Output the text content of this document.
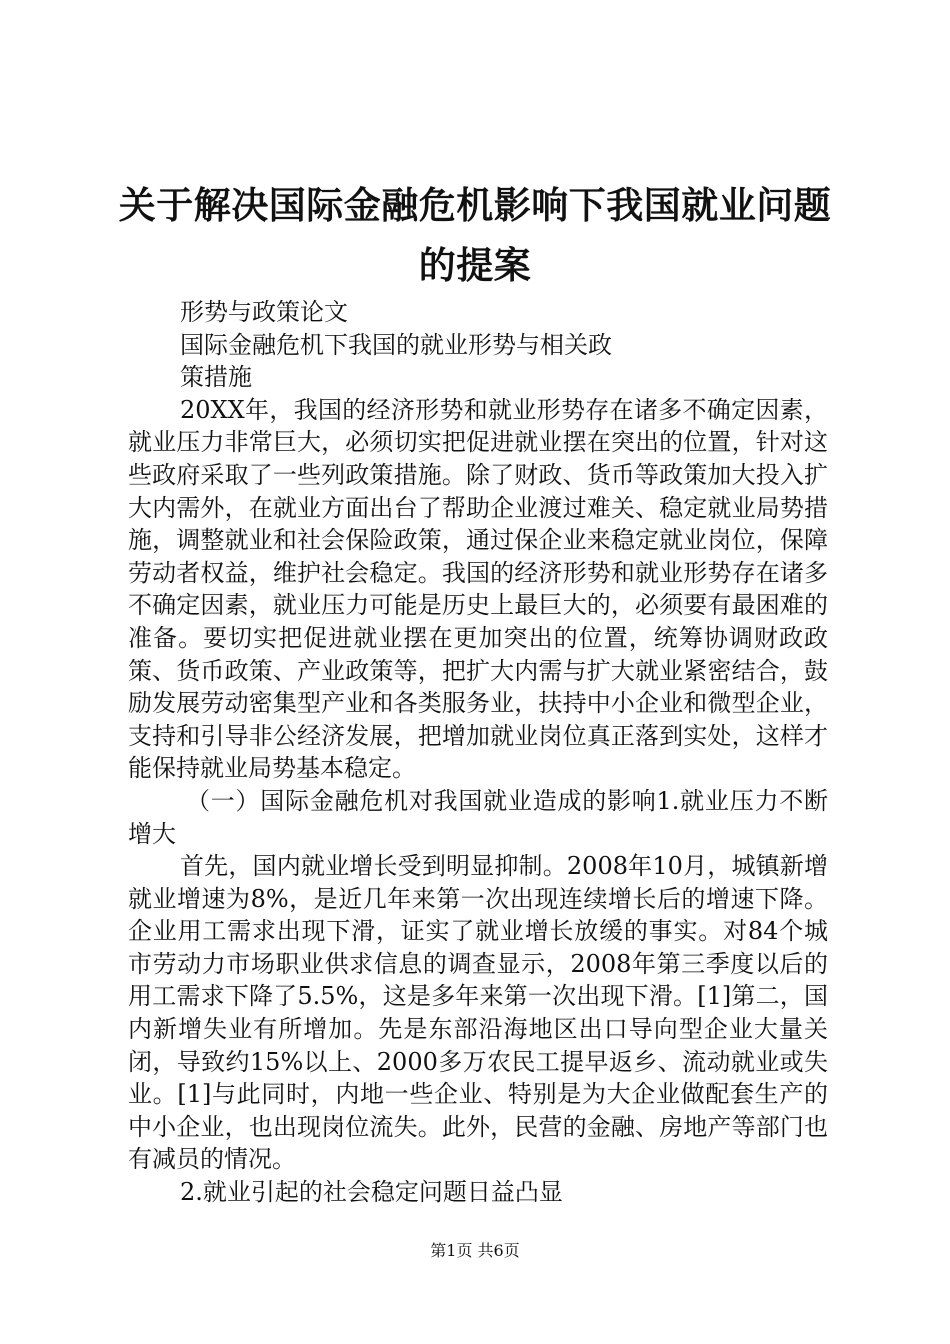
关于解决国际金融危机影响下我国就业问题的提案

形势与政策论文

国际金融危机下我国的就业形势与相关政

策措施

20XX年，我国的经济形势和就业形势存在诸多不确定因素，就业压力非常巨大，必须切实把促进就业摆在突出的位置，针对这些政府采取了一些列政策措施。除了财政、货币等政策加大投入扩大内需外，在就业方面出台了帮助企业渡过难关、稳定就业局势措施，调整就业和社会保险政策，通过保企业来稳定就业岗位，保障劳动者权益，维护社会稳定。我国的经济形势和就业形势存在诸多不确定因素，就业压力可能是历史上最巨大的，必须要有最困难的准备。要切实把促进就业摆在更加突出的位置，统筹协调财政政策、货币政策、产业政策等，把扩大内需与扩大就业紧密结合，鼓励发展劳动密集型产业和各类服务业，扶持中小企业和微型企业，支持和引导非公经济发展，把增加就业岗位真正落到实处，这样才能保持就业局势基本稳定。

（一）国际金融危机对我国就业造成的影响1.就业压力不断增大

首先，国内就业增长受到明显抑制。2008年10月，城镇新增就业增速为8%，是近几年来第一次出现连续增长后的增速下降。企业用工需求出现下滑，证实了就业增长放缓的事实。对84个城市劳动力市场职业供求信息的调查显示，2008年第三季度以后的用工需求下降了5.5%，这是多年来第一次出现下滑。[1]第二，国内新增失业有所增加。先是东部沿海地区出口导向型企业大量关闭，导致约15%以上、2000多万农民工提早返乡、流动就业或失业。[1]与此同时，内地一些企业、特别是为大企业做配套生产的中小企业，也出现岗位流失。此外，民营的金融、房地产等部门也有减员的情况。

2.就业引起的社会稳定问题日益凸显

第1页 共6页
